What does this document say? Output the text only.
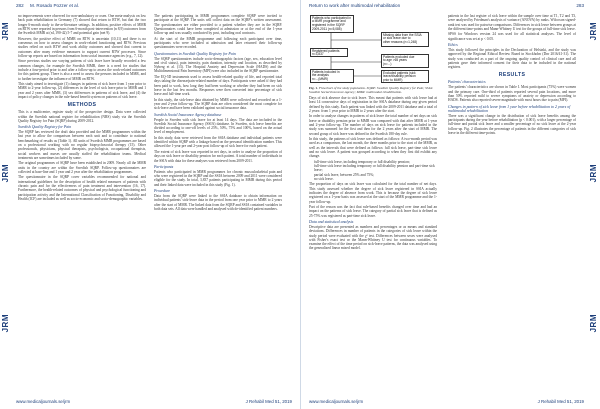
282 M. Rosado Pozzer et al.
JRM
JRM
JRM

no improvements were observed for non-ambulatory or oxen. One meta-analysis on low back pain rehabilitation in Germany (7) showed that return to RTW, but that the two longer 6-month study to the-ar-literature settings. In addition, positive effects of MMR on RTW were reported in persons from 6-month post-intervention (n 8,9) outcomes from the Swedish MMR at (n1,190-42) 5-7 and potential gain (net 9).

However, the positive effect of MMR on RTW is uncertain (10,11) and there is no consensus on how to assess changes in work-related functioning and RTW. Previous studies relied on such RTW and work ability outcomes and showed that current to outcomes after many evidence measures to support current RTW processes. Since follow-up reports are based on information from social insurance agencies (e.g., 7, 12).

Since previous studies use varying patterns of sick leave have broadly recorded a few common changes, for example the Swedish MMR, there is a need for studies that include a four-period prior to and after a follow-up to assess the work-related outcomes for this patient group. There is also a need to assess the persons included in MMR, and to further investigate the influence of MMR on RTW.

This study aimed to investigate (1) changes in patterns of sick leave from 1 year prior to MMR to 2-year follow-up, (2) differences in the level of sick leave prior to MMR and 1 year and 2 years after MMR, (3) sex differences in patterns of sick leave, and (4) the impact of policy changes in the rule-based benefit system on patterns of sick leave.

METHODS

This is a multicentre, register study of the prospective design. Data were collected within the Swedish national register for rehabilitation (NRS) study via the Swedish Quality Registry for Pain (SQRP) during 2009-2012.

Swedish Quality Registry for Pain

The SQRP has reviewed the draft data provided and the MMR programmes within the last year to allow the comparison between each unit and to contribute to national benchmarking of results as (Table 1). All units of Swedish MMR programmes are based on a professional working with no regular biopsychosocial therapy (15). Other professionals, physicians, physical therapists, psychologists, occupational therapists, social workers and nurses are usually staffed the rehabilitation teams. Medical treatments are sometimes included by some.

The original programmes of SQRP have been established in 2009. Nearly all the MMR units in the country are within the Swedish SQRP. Follow-up questionnaires are collected at base-line and 1 year and 2 year after the rehabilitation programmes.

The questionnaire in the SQRP cover variables recommended for national and international guidelines for the description of health related measures of patients with chronic pain and for the effectiveness of pain treatment and intervention (16, 17). Furthermore, the health-related outcomes of physical and psychological functioning and participation activity and the International Classification of Functioning, Disability and Health (ICF) are included as well as socio-economic and socio-demographic variables.

The patients participating in MMR programmes complete SQRP were invited to participate at the SQRP. The units will collect data on the SQRP's written assessment. The questionnaires are either provided to a patient whether they are in the SQRP. Questionnaires could have been completed at admission or at the end of the 1-year follow-up and was usually conducted by post, including oral contracts.

At the start of the MMR programme and following each participant over time, participants who were included at admission and later returned their follow-up questionnaires were recorded.

Questionnaires in Swedish Quality Registry for Pain

The SQRP questionnaires include socio-demographic factors (age, sex, education level and civil status), pain intensity, pain duration, intensity and location, as described by Nyberg et al. (13). The Hospital Anxiety and Depression Scale (HADS) and the Multidimensional Pain Inventory (MPI) were also included in the SQRP questionnaire.

The EQ-5D instruments used to assess health-related quality of life, and reported total days taking the disease/pain-related number of days. Participants were asked if they had been paid to work, how long they had been working or whether they had been on sick leave in the last few months. Responses were then converted into percentage of sick leave and full-time work.

In this study, the sick-leave data obtained by MMR were collected and recorded on a 1-year and 2-year follow-up. The SQRP data are often considered the most complete for sick-leave and have been validated against social insurance data.

Swedish Social Insurance Agency database

People in Sweden with sick leave for at least 14 days. The data are included in the Swedish Social Insurance Agency (SSIA) database. In Sweden, sick leave benefits are divided according to one-off levels of 25%, 50%, 75% and 100%, based on the actual level of employment.

In this study, data were retrieved from the SSIA database and individual patients were identified within SQRP with a linkage based on the personal identification number. This allowed the 1-year pre and 2-year post follow-up of sick leave for each patient.

The extent of sick leave was reported in net days, in order to analyse the proportion of days on sick leave or disability pension for each patient. A total number of individuals in the SSIA with data for these analyses was retrieved from 2009-2011.

Participants

Patients who participated in MMR programmes for chronic musculoskeletal pain and who were registered in the SQRP and the SSIA between 2009 and 2011 were considered eligible for the study. In total, 3,837 patients participating in MMR during this period and their linked data were included in this study (Fig. 1).

Procedure

Data from the SQRP were linked to the SSIA database to obtain information on individual patients' sick-leave data in the period from one year prior to MMR to 2 years after the start of MMR. The linked data from the SQRP and SSIA contained variables in both data sets. All data were handled and analysed with de-identified patient numbers.

www.medicaljournals.se/jrm	J Rehabil Med 51, 2019
Return to work after multimodal rehabilitation	283
JRM
JRM
JRM
Patients who participated in
a MMR programme and
registered in the SQRP
2009-2011 (n=5,085)
Missing data from the SSIA
or sick leave due to
other reasons (n=1,248)
Registered patients
n=3,837
Patients excluded due
to age >65 years
(n=...)
Excluded patients (sick
leave/disability pension
prior to MMR)
Patients included in
the analysis
n=...(MMR)
Fig. 1. Flowchart of the study population. SQRP: Swedish Quality Registry for Pain; SSIA: Swedish Social Insurance Agency; MMR: multimodal rehabilitation.

Days of sick absence due to sick leave. This meant that patients with sick leave had at least 14 consecutive days of registration in the SSIA database during any given period defined by this study. Each patient was linked with the 2009-2011 database and a total of 2 years: from 1 year prior to MMR to 2 years after the start.

In order to analyse changes in patterns of sick leave the total number of net days on sick leave or disability pension prior to MMR was compared with that after MMR at 1-year and 2-year follow-up. The number of days on sick leave for patients included in the study was summed for the first and then for the 2 years after the start of MMR. The second group of sick leave was defined in the Swedish 180-day rule.

In this study, the patterns of sick leave was defined as follows: A two-month period was used as a comparison, the last month, the three months prior to the start of the MMR, as well as the intervals that were defined as follows: full sick leave, part-time sick leave and no sick leave. A patient was grouped according to when they first did exhibit any change.

• full-time sick leave, including temporary or full disability pension;
• full-time sick leave including temporary or full disability pension and part-time sick leave;
• partial sick leave, between 25% and 75%;
• no sick leave.

The proportion of days on sick leave was calculated for the total number of net days. This study assessed whether the degree of sick leave registered in SSIA actually indicates the degree of absence from work. This is because the degree of sick leave registered on a 1-year basis was assessed at the start of the MMR programme and the 1-year follow-up.

Part of the reason was the fact that rule-based benefits changed over time and had an impact on the patterns of sick leave. The category of partial sick leave that is defined as 25-75% was registered as part-time sick leave.

Data and statistical analysis

Descriptive data are presented as numbers and percentages or as means and standard deviations. Differences in number of patients in the categories of sick leave within the study period were evaluated with the χ² test. Differences between sexes were analysed with Fisher's exact test or the Mann-Whitney U test for continuous variables. To examine the effect of the time period on sick-leave patterns, the data was analysed using the generalized linear mixed model.

patients in the last register of sick leave within the sample over time at T1, T2 and T3, were analysed by Friedman's analysis of variance (ANOVA) by ranks. Wilcoxon signed-rank test was used for pairwise comparisons. Differences in sick leave between groups at the different time-points and Mann-Whitney U test for the groups of full-time sick leave.

SPSS for Windows version 24 was used for all statistical analyses. The level of significance was set at p < 0.05.

Ethics

This study followed the principles in the Declaration of Helsinki, and the study was approved by the Regional Ethical Review Board in Stockholm (Dnr 2016/41-31). The study was conducted as a part of the ongoing quality control of clinical care and all patients gave their informed consent for their data to be included in the national registers.

RESULTS
Patients' characteristics

The patients' characteristics are shown in Table I. Most participants (75%) were women and the primary care. One-third of patients reported several pain locations, and more than 50% reported mild to severe symptoms of anxiety or depression according to HADS. Patients also reported severe magnitude with most hours due to pain (MPI).

Changes in pattern of sick leave from 1 year before rehabilitation to 2 years of multimodal rehabilitation

There was a significant change in the distribution of sick leave benefits among the participants during the year before rehabilitation (p < 0.001), with a larger percentage of full-time and partial sick leave and a smaller percentage of no sick leave at the 2-year follow-up. Fig. 2 illustrates the percentage of patients in the different categories of sick leave in the different time-points.

www.medicaljournals.se/jrm	J Rehabil Med 51, 2019
